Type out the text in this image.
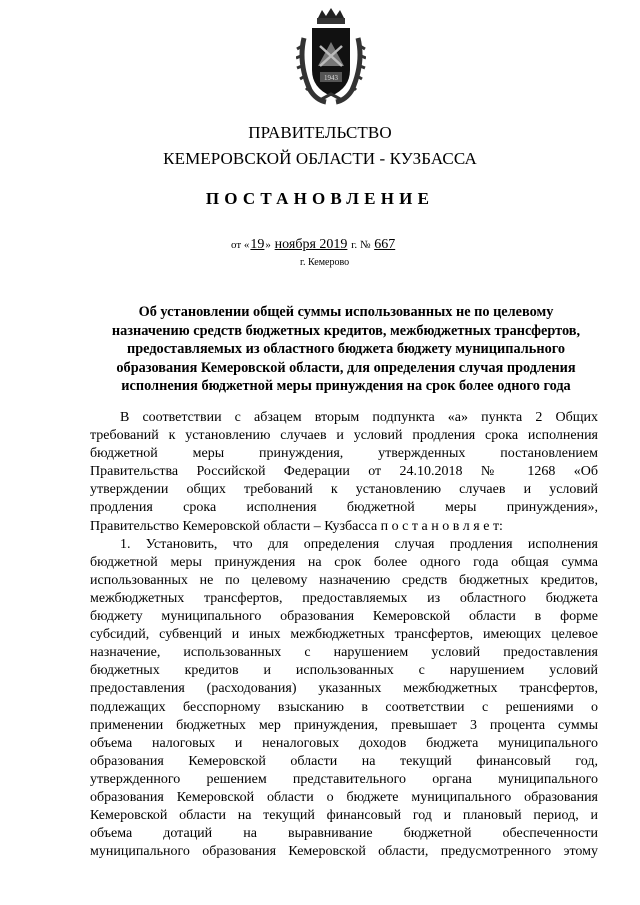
1943
ПРАВИТЕЛЬСТВО
КЕМЕРОВСКОЙ ОБЛАСТИ - КУЗБАССА
ПОСТАНОВЛЕНИЕ
от «19» ноября 2019 г. № 667
г. Кемерово
Об установлении общей суммы использованных не по целевому
назначению средств бюджетных кредитов, межбюджетных трансфертов,
предоставляемых из областного бюджета бюджету муниципального
образования Кемеровской области, для определения случая продления
исполнения бюджетной меры принуждения на срок более одного года
В соответствии с абзацем вторым подпункта «а» пункта 2 Общих
требований к установлению случаев и условий продления срока исполнения
бюджетной меры принуждения, утвержденных постановлением
Правительства Российской Федерации от 24.10.2018 № 1268 «Об
утверждении общих требований к установлению случаев и условий
продления срока исполнения бюджетной меры принуждения»,
Правительство Кемеровской области – Кузбасса п о с т а н о в л я е т:
1. Установить, что для определения случая продления исполнения
бюджетной меры принуждения на срок более одного года общая сумма
использованных не по целевому назначению средств бюджетных кредитов,
межбюджетных трансфертов, предоставляемых из областного бюджета
бюджету муниципального образования Кемеровской области в форме
субсидий, субвенций и иных межбюджетных трансфертов, имеющих целевое
назначение, использованных с нарушением условий предоставления
бюджетных кредитов и использованных с нарушением условий
предоставления (расходования) указанных межбюджетных трансфертов,
подлежащих бесспорному взысканию в соответствии с решениями о
применении бюджетных мер принуждения, превышает 3 процента суммы
объема налоговых и неналоговых доходов бюджета муниципального
образования Кемеровской области на текущий финансовый год,
утвержденного решением представительного органа муниципального
образования Кемеровской области о бюджете муниципального образования
Кемеровской области на текущий финансовый год и плановый период, и
объема дотаций на выравнивание бюджетной обеспеченности
муниципального образования Кемеровской области, предусмотренного этому
